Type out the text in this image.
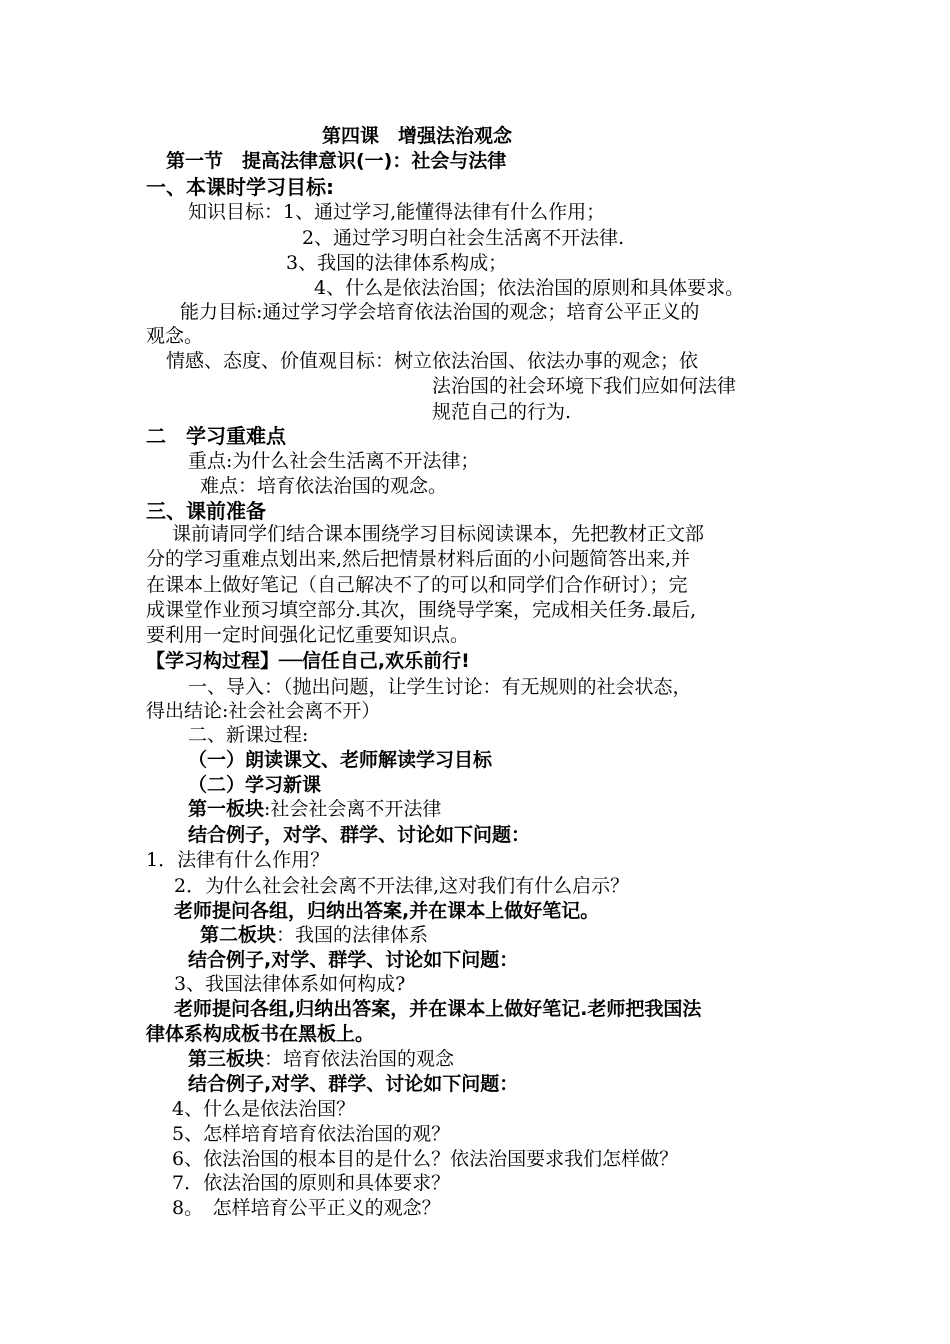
第四课　增强法治观念
第一节　提高法律意识(一)：社会与法律
一、本课时学习目标:
知识目标：1、通过学习,能懂得法律有什么作用；
2、通过学习明白社会生活离不开法律.
3、我国的法律体系构成；
4、什么是依法治国；依法治国的原则和具体要求。
能力目标:通过学习学会培育依法治国的观念；培育公平正义的
观念。
情感、态度、价值观目标：树立依法治国、依法办事的观念；依
法治国的社会环境下我们应如何法律
规范自己的行为.
二　学习重难点
重点:为什么社会生活离不开法律；
难点：培育依法治国的观念。
三、课前准备
课前请同学们结合课本围绕学习目标阅读课本，先把教材正文部
分的学习重难点划出来,然后把情景材料后面的小问题简答出来,并
在课本上做好笔记（自己解决不了的可以和同学们合作研讨）；完
成课堂作业预习填空部分.其次，围绕导学案，完成相关任务.最后,
要利用一定时间强化记忆重要知识点。
【学习构过程】──信任自己,欢乐前行!
一、导入：（抛出问题，让学生讨论：有无规则的社会状态，
得出结论:社会社会离不开）
二、新课过程:
（一）朗读课文、老师解读学习目标
（二）学习新课
第一板块:社会社会离不开法律
结合例子，对学、群学、讨论如下问题：
1．法律有什么作用？
2．为什么社会社会离不开法律,这对我们有什么启示？
老师提问各组，归纳出答案,并在课本上做好笔记。
第二板块：我国的法律体系
结合例子,对学、群学、讨论如下问题：
3、我国法律体系如何构成?
老师提问各组,归纳出答案，并在课本上做好笔记.老师把我国法
律体系构成板书在黑板上。
第三板块：培育依法治国的观念
结合例子,对学、群学、讨论如下问题：
4、什么是依法治国？
5、怎样培育培育依法治国的观？
6、依法治国的根本目的是什么？依法治国要求我们怎样做？
7．依法治国的原则和具体要求？
8。　怎样培育公平正义的观念？
